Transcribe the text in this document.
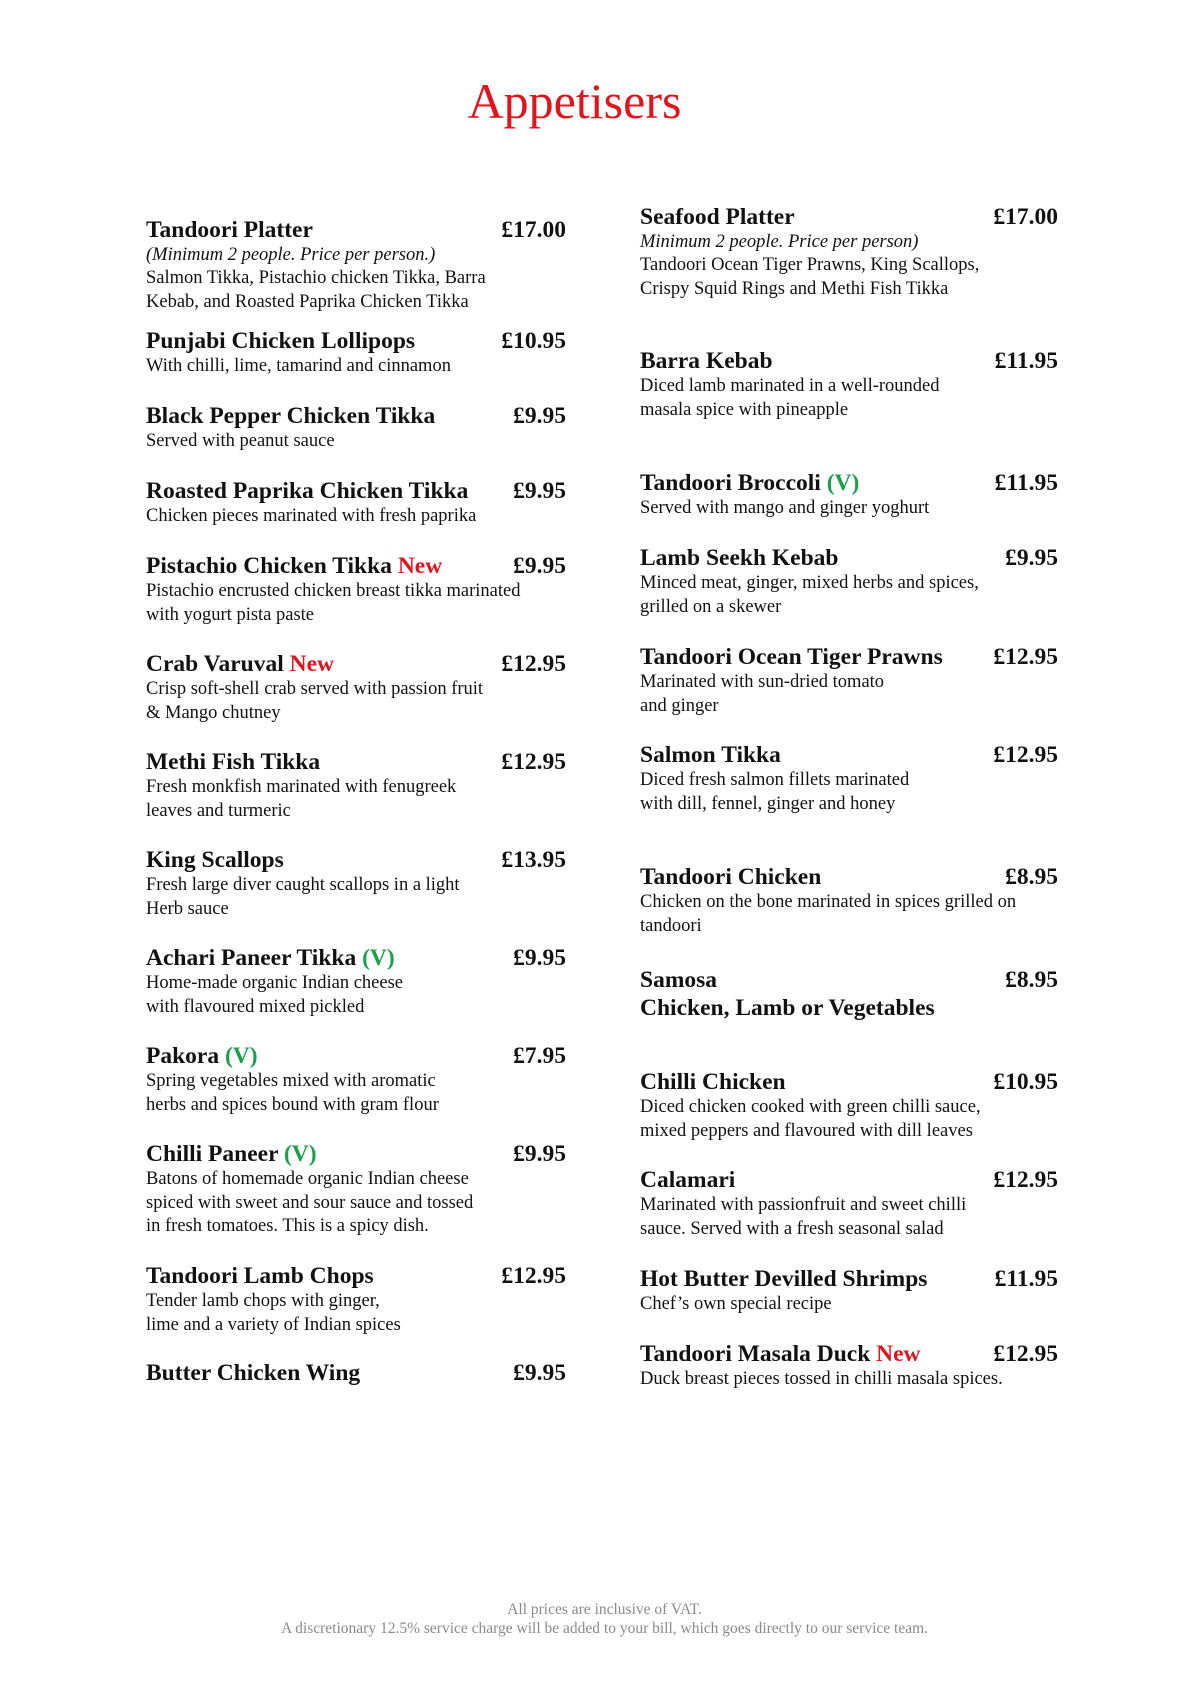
Appetisers
Tandoori Platter	£17.00
(Minimum 2 people. Price per person.)
Salmon Tikka, Pistachio chicken Tikka, Barra
Kebab, and Roasted Paprika Chicken Tikka
Punjabi Chicken Lollipops	£10.95
With chilli, lime, tamarind and cinnamon
Black Pepper Chicken Tikka	£9.95
Served with peanut sauce
Roasted Paprika Chicken Tikka	£9.95
Chicken pieces marinated with fresh paprika
Pistachio Chicken Tikka New	£9.95
Pistachio encrusted chicken breast tikka marinated
with yogurt pista paste
Crab Varuval New	£12.95
Crisp soft-shell crab served with passion fruit
& Mango chutney
Methi Fish Tikka	£12.95
Fresh monkfish marinated with fenugreek
leaves and turmeric
King Scallops	£13.95
Fresh large diver caught scallops in a light
Herb sauce
Achari Paneer Tikka (V)	£9.95
Home-made organic Indian cheese
with flavoured mixed pickled
Pakora (V)	£7.95
Spring vegetables mixed with aromatic
herbs and spices bound with gram flour
Chilli Paneer (V)	£9.95
Batons of homemade organic Indian cheese
spiced with sweet and sour sauce and tossed
in fresh tomatoes. This is a spicy dish.
Tandoori Lamb Chops	£12.95
Tender lamb chops with ginger,
lime and a variety of Indian spices
Butter Chicken Wing	£9.95
Seafood Platter	£17.00
Minimum 2 people. Price per person)
Tandoori Ocean Tiger Prawns, King Scallops,
Crispy Squid Rings and Methi Fish Tikka
Barra Kebab	£11.95
Diced lamb marinated in a well-rounded
masala spice with pineapple
Tandoori Broccoli (V)	£11.95
Served with mango and ginger yoghurt
Lamb Seekh Kebab	£9.95
Minced meat, ginger, mixed herbs and spices,
grilled on a skewer
Tandoori Ocean Tiger Prawns	£12.95
Marinated with sun-dried tomato
and ginger
Salmon Tikka	£12.95
Diced fresh salmon fillets marinated
with dill, fennel, ginger and honey
Tandoori Chicken	£8.95
Chicken on the bone marinated in spices grilled on
tandoori
Samosa	£8.95
Chicken, Lamb or Vegetables
Chilli Chicken	£10.95
Diced chicken cooked with green chilli sauce,
mixed peppers and flavoured with dill leaves
Calamari	£12.95
Marinated with passionfruit and sweet chilli
sauce. Served with a fresh seasonal salad
Hot Butter Devilled Shrimps	£11.95
Chef’s own special recipe
Tandoori Masala Duck New	£12.95
Duck breast pieces tossed in chilli masala spices.
All prices are inclusive of VAT.
A discretionary 12.5% service charge will be added to your bill, which goes directly to our service team.
